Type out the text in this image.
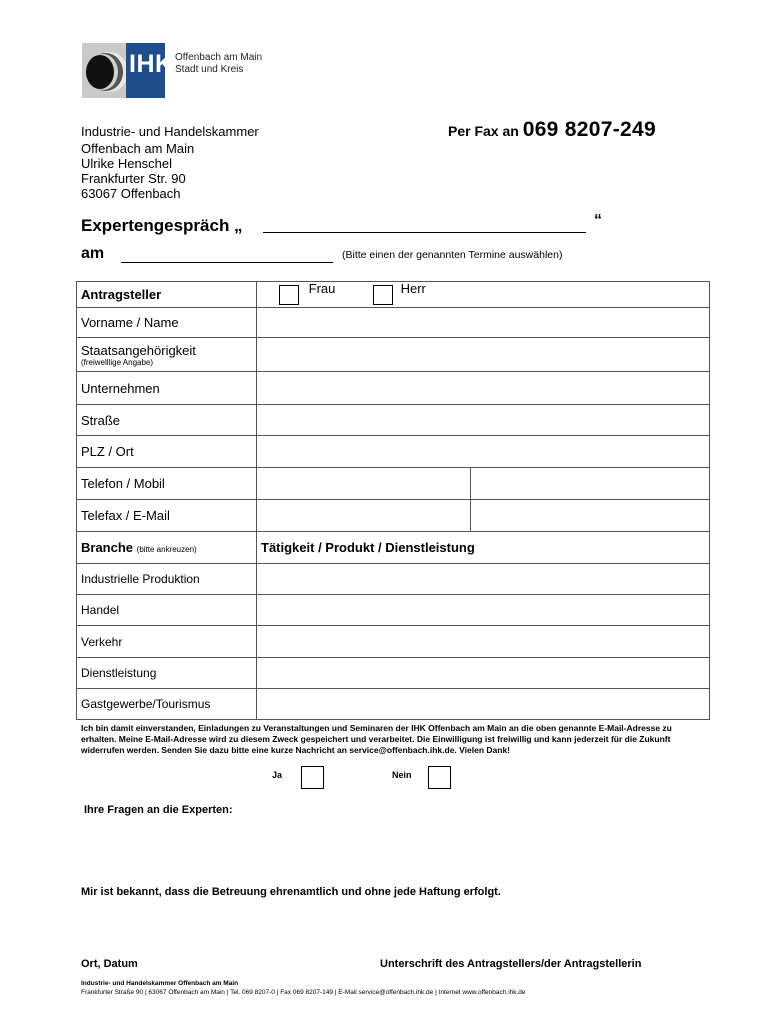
IHK Offenbach am Main
Stadt und Kreis
Industrie- und Handelskammer
Offenbach am Main
Ulrike Henschel
Frankfurter Str. 90
63067 Offenbach
Per Fax an 069 8207-249
Expertengespräch „	“
am	(Bitte einen der genannten Termine auswählen)
Antragsteller	Frau Herr	
Vorname / Name		

Staatsangehörigkeit
(freiwelllige Angabe)		

Unternehmen		
Straße		
PLZ / Ort		
Telefon / Mobil		
Telefax / E-Mail		
Branche (bitte ankreuzen)	Tätigkeit / Produkt / Dienstleistung	
Industrielle Produktion		
Handel		
Verkehr		
Dienstleistung		
Gastgewerbe/Tourismus		
Ich bin damit einverstanden, Einladungen zu Veranstaltungen und Seminaren der IHK Offenbach am Main an die oben genannte E-Mail-Adresse zu erhalten. Meine E-Mail-Adresse wird zu diesem Zweck gespeichert und verarbeitet. Die Einwilligung ist freiwillig und kann jederzeit für die Zukunft widerrufen werden. Senden Sie dazu bitte eine kurze Nachricht an service@offenbach.ihk.de. Vielen Dank!
Ja	Nein
Ihre Fragen an die Experten:
Mir ist bekannt, dass die Betreuung ehrenamtlich und ohne jede Haftung erfolgt.
Ort, Datum	Unterschrift des Antragstellers/der Antragstellerin
Industrie- und Handelskammer Offenbach am Main
Frankfurter Straße 90 | 63067 Offenbach am Main | Tel. 069 8207-0 | Fax 069 8207-149 | E-Mail service@offenbach.ihk.de | Internet www.offenbach.ihk.de
